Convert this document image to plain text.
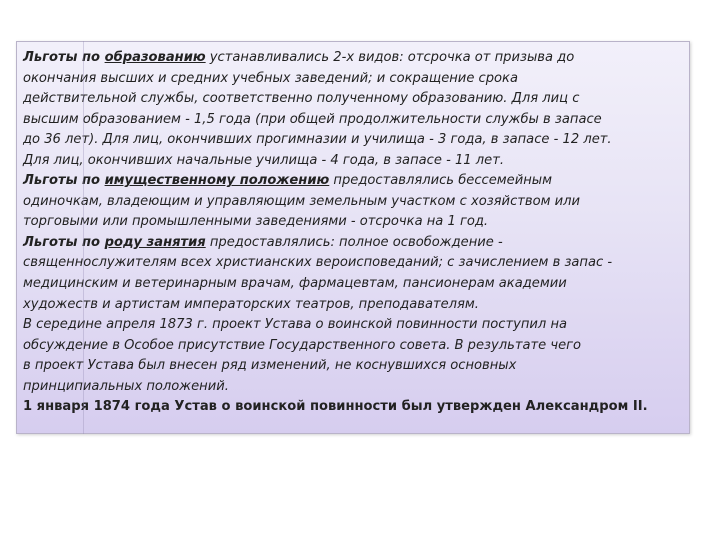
Льготы по образованию устанавливались 2-х видов: отсрочка от призыва до
окончания высших и средних учебных заведений; и сокращение срока
действительной службы, соответственно полученному образованию. Для лиц с
высшим образованием - 1,5 года (при общей продолжительности службы в запасе
до 36 лет). Для лиц, окончивших прогимназии и училища - 3 года, в запасе - 12 лет.
Для лиц, окончивших начальные училища - 4 года, в запасе - 11 лет.
Льготы по имущественному положению предоставлялись бессемейным
одиночкам, владеющим и управляющим земельным участком с хозяйством или
торговыми или промышленными заведениями - отсрочка на 1 год.
Льготы по роду занятия предоставлялись: полное освобождение -
священнослужителям всех христианских вероисповеданий; с зачислением в запас -
медицинским и ветеринарным врачам, фармацевтам, пансионерам академии
художеств и артистам императорских театров, преподавателям.
В середине апреля 1873 г. проект Устава о воинской повинности поступил на
обсуждение в Особое присутствие Государственного совета. В результате чего
в проект Устава был внесен ряд изменений, не коснувшихся основных
принципиальных положений.
1 января 1874 года Устав о воинской повинности был утвержден Александром II.
